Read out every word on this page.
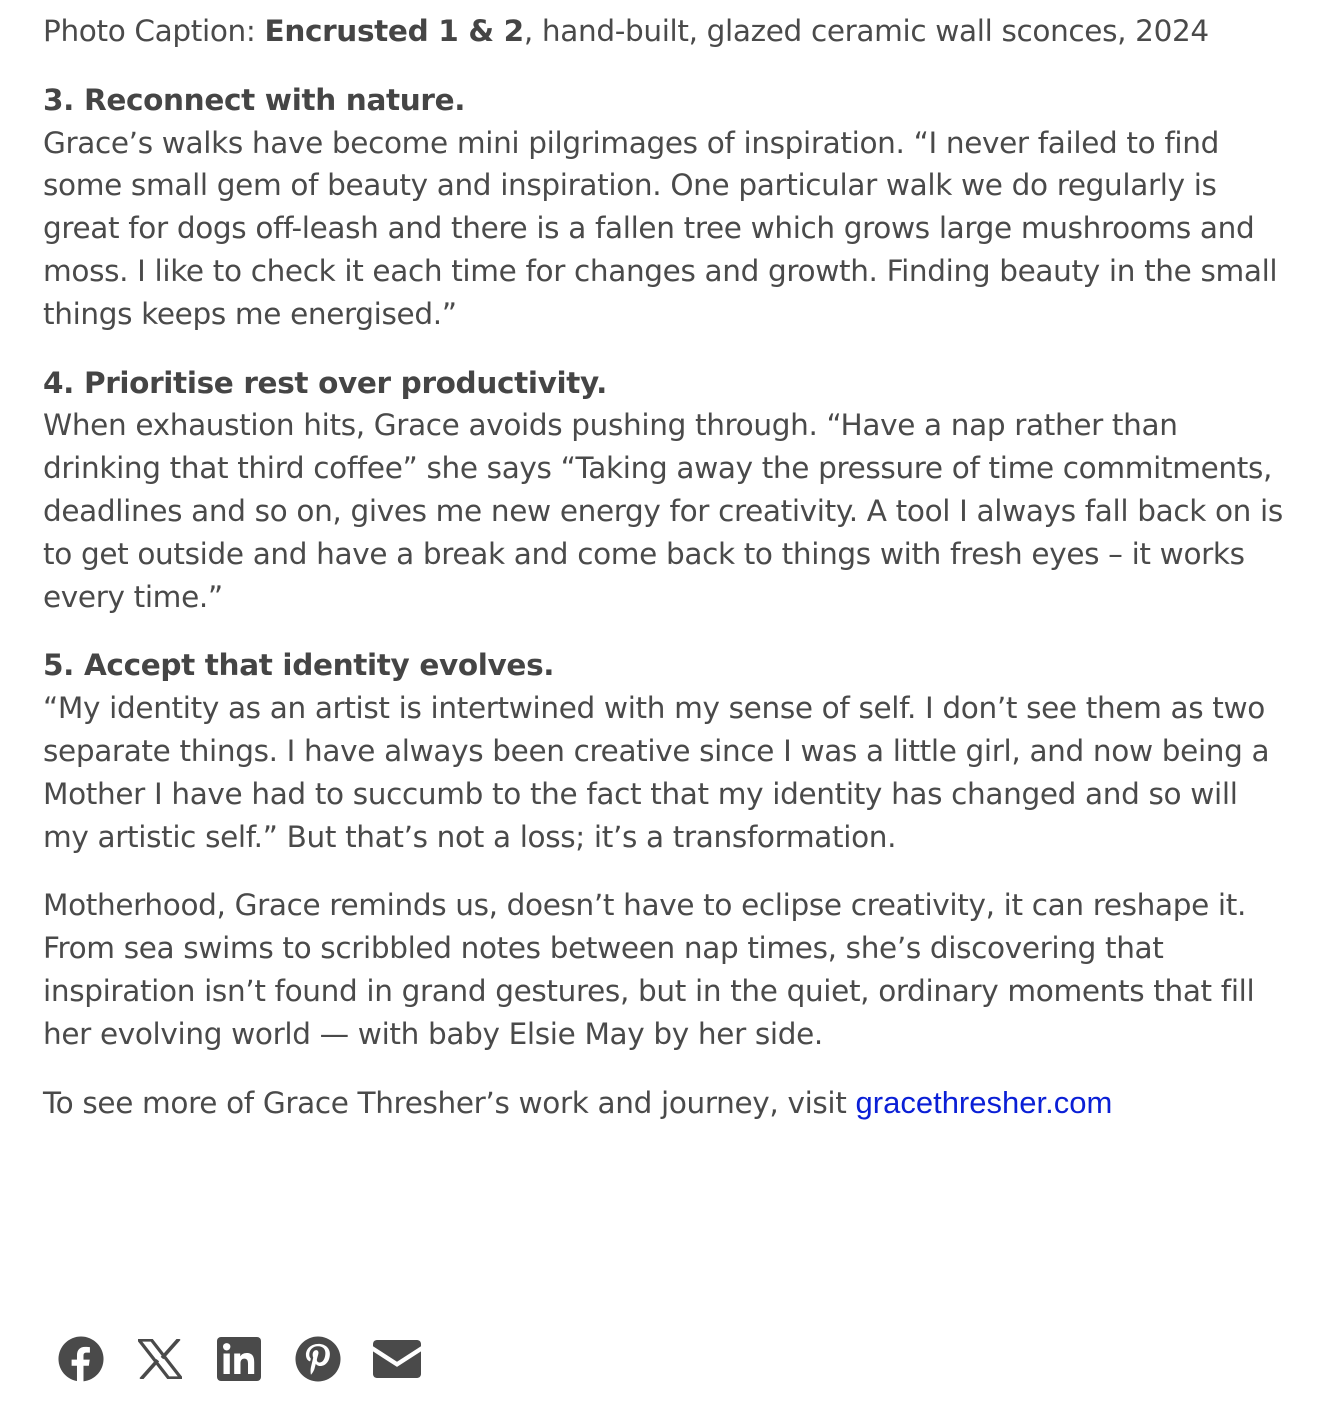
Photo Caption: Encrusted 1 & 2, hand-built, glazed ceramic wall sconces, 2024

3. Reconnect with nature.
Grace’s walks have become mini pilgrimages of inspiration. “I never failed to find some small gem of beauty and inspiration. One particular walk we do regularly is great for dogs off-leash and there is a fallen tree which grows large mushrooms and moss. I like to check it each time for changes and growth. Finding beauty in the small things keeps me energised.”

4. Prioritise rest over productivity.
When exhaustion hits, Grace avoids pushing through. “Have a nap rather than drinking that third coffee” she says “Taking away the pressure of time commitments, deadlines and so on, gives me new energy for creativity. A tool I always fall back on is to get outside and have a break and come back to things with fresh eyes – it works every time.”

5. Accept that identity evolves.
“My identity as an artist is intertwined with my sense of self. I don’t see them as two separate things. I have always been creative since I was a little girl, and now being a Mother I have had to succumb to the fact that my identity has changed and so will my artistic self.” But that’s not a loss; it’s a transformation.

Motherhood, Grace reminds us, doesn’t have to eclipse creativity, it can reshape it. From sea swims to scribbled notes between nap times, she’s discovering that inspiration isn’t found in grand gestures, but in the quiet, ordinary moments that fill her evolving world — with baby Elsie May by her side.

To see more of Grace Thresher’s work and journey, visit gracethresher.com
